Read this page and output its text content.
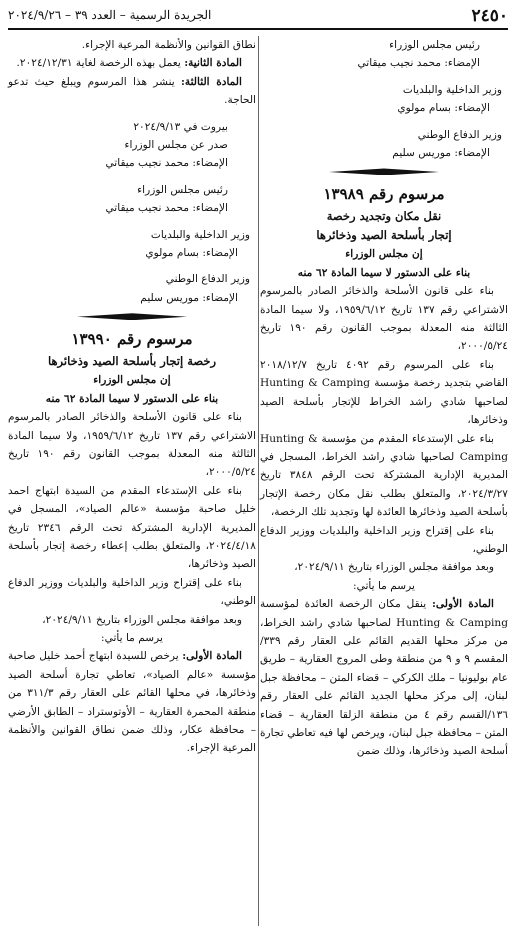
٢٤٥٠
الجريدة الرسمية – العدد ٣٩ – ٢٠٢٤/٩/٢٦

رئيس مجلس الوزراء

الإمضاء: محمد نجيب ميقاتي

وزير الداخلية والبلديات

الإمضاء: بسام مولوي

وزير الدفاع الوطني

الإمضاء: موريس سليم

مرسوم رقم ١٣٩٨٩

نقل مكان وتجديد رخصة

إتجار بأسلحة الصيد وذخائرها

إن مجلس الوزراء

بناء على الدستور لا سيما المادة ٦٢ منه

بناء على قانون الأسلحة والذخائر الصادر بالمرسوم الاشتراعي رقم ١٣٧ تاريخ ١٩٥٩/٦/١٢، ولا سيما المادة الثالثة منه المعدلة بموجب القانون رقم ١٩٠ تاريخ ٢٠٠٠/٥/٢٤،

بناء على المرسوم رقم ٤٠٩٢ تاريخ ٢٠١٨/١٢/٧ القاضي بتجديد رخصة مؤسسة Hunting & Camping لصاحبها شادي راشد الخراط للإتجار بأسلحة الصيد وذخائرها،

بناء على الإستدعاء المقدم من مؤسسة Hunting & Camping لصاحبها شادي راشد الخراط، المسجل في المديرية الإدارية المشتركة تحت الرقم ٣٨٤٨ تاريخ ٢٠٢٤/٣/٢٧، والمتعلق بطلب نقل مكان رخصة الإتجار بأسلحة الصيد وذخائرها العائدة لها وتجديد تلك الرخصة،

بناء على إقتراح وزير الداخلية والبلديات ووزير الدفاع الوطني،

وبعد موافقة مجلس الوزراء بتاريخ ٢٠٢٤/٩/١١،

يرسم ما يأتي:

المادة الأولى: ينقل مكان الرخصة العائدة لمؤسسة Hunting & Camping لصاحبها شادي راشد الخراط، من مركز محلها القديم القائم على العقار رقم ٣٣٩/المقسم ٩ و ٩ من منطقة وطى المروج العقارية – طريق عام بوليونيا – ملك الكركي – قضاء المتن – محافظة جبل لبنان، إلى مركز محلها الجديد القائم على العقار رقم ١٣٦/القسم رقم ٤ من منطقة الزلقا العقارية – قضاء المتن – محافظة جبل لبنان، ويرخص لها فيه تعاطي تجارة أسلحة الصيد وذخائرها، وذلك ضمن

نطاق القوانين والأنظمة المرعية الإجراء.

المادة الثانية: يعمل بهذه الرخصة لغاية ٢٠٢٤/١٢/٣١.

المادة الثالثة: ينشر هذا المرسوم ويبلغ حيث تدعو الحاجة.

بيروت في ٢٠٢٤/٩/١٣

صدر عن مجلس الوزراء

الإمضاء: محمد نجيب ميقاتي

رئيس مجلس الوزراء

الإمضاء: محمد نجيب ميقاتي

وزير الداخلية والبلديات

الإمضاء: بسام مولوي

وزير الدفاع الوطني

الإمضاء: موريس سليم

مرسوم رقم ١٣٩٩٠

رخصة إتجار بأسلحة الصيد وذخائرها

إن مجلس الوزراء

بناء على الدستور لا سيما المادة ٦٢ منه

بناء على قانون الأسلحة والذخائر الصادر بالمرسوم الاشتراعي رقم ١٣٧ تاريخ ١٩٥٩/٦/١٢، ولا سيما المادة الثالثة منه المعدلة بموجب القانون رقم ١٩٠ تاريخ ٢٠٠٠/٥/٢٤،

بناء على الإستدعاء المقدم من السيدة ابتهاج احمد خليل صاحبة مؤسسة «عالم الصياد»، المسجل في المديرية الإدارية المشتركة تحت الرقم ٢٣٤٦ تاريخ ٢٠٢٤/٤/١٨، والمتعلق بطلب إعطاء رخصة إتجار بأسلحة الصيد وذخائرها،

بناء على إقتراح وزير الداخلية والبلديات ووزير الدفاع الوطني،

وبعد موافقة مجلس الوزراء بتاريخ ٢٠٢٤/٩/١١،

يرسم ما يأتي:

المادة الأولى: يرخص للسيدة ابتهاج أحمد خليل صاحبة مؤسسة «عالم الصياد»، تعاطي تجارة أسلحة الصيد وذخائرها، في محلها القائم على العقار رقم ٣١١/٣ من منطقة المحمرة العقارية – الأوتوستراد – الطابق الأرضي – محافظة عكار، وذلك ضمن نطاق القوانين والأنظمة المرعية الإجراء.
